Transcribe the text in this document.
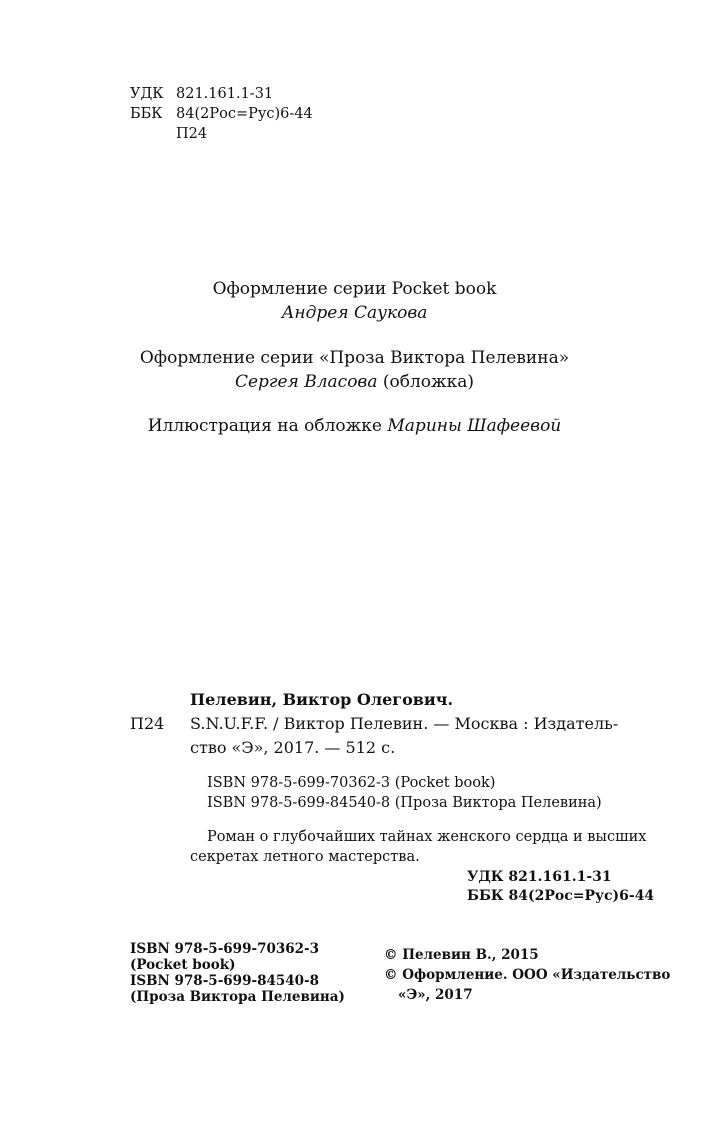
УДК 821.161.1-31
ББК 84(2Рос=Рус)6-44
П24
Оформление серии Pocket book
Андрея Саукова
Оформление серии «Проза Виктора Пелевина»
Сергея Власова (обложка)
Иллюстрация на обложке Марины Шафеевой
Пелевин, Виктор Олегович.
П24 S.N.U.F.F. / Виктор Пелевин. — Москва : Издатель-
ство «Э», 2017. — 512 с.
ISBN 978-5-699-70362-3 (Pocket book)
ISBN 978-5-699-84540-8 (Проза Виктора Пелевина)
Роман о глубочайших тайнах женского сердца и высших
секретах летного мастерства.
УДК 821.161.1-31
ББК 84(2Рос=Рус)6-44
ISBN 978-5-699-70362-3
(Pocket book)
ISBN 978-5-699-84540-8
(Проза Виктора Пелевина)
© Пелевин В., 2015
© Оформление. ООО «Издательство
«Э», 2017
